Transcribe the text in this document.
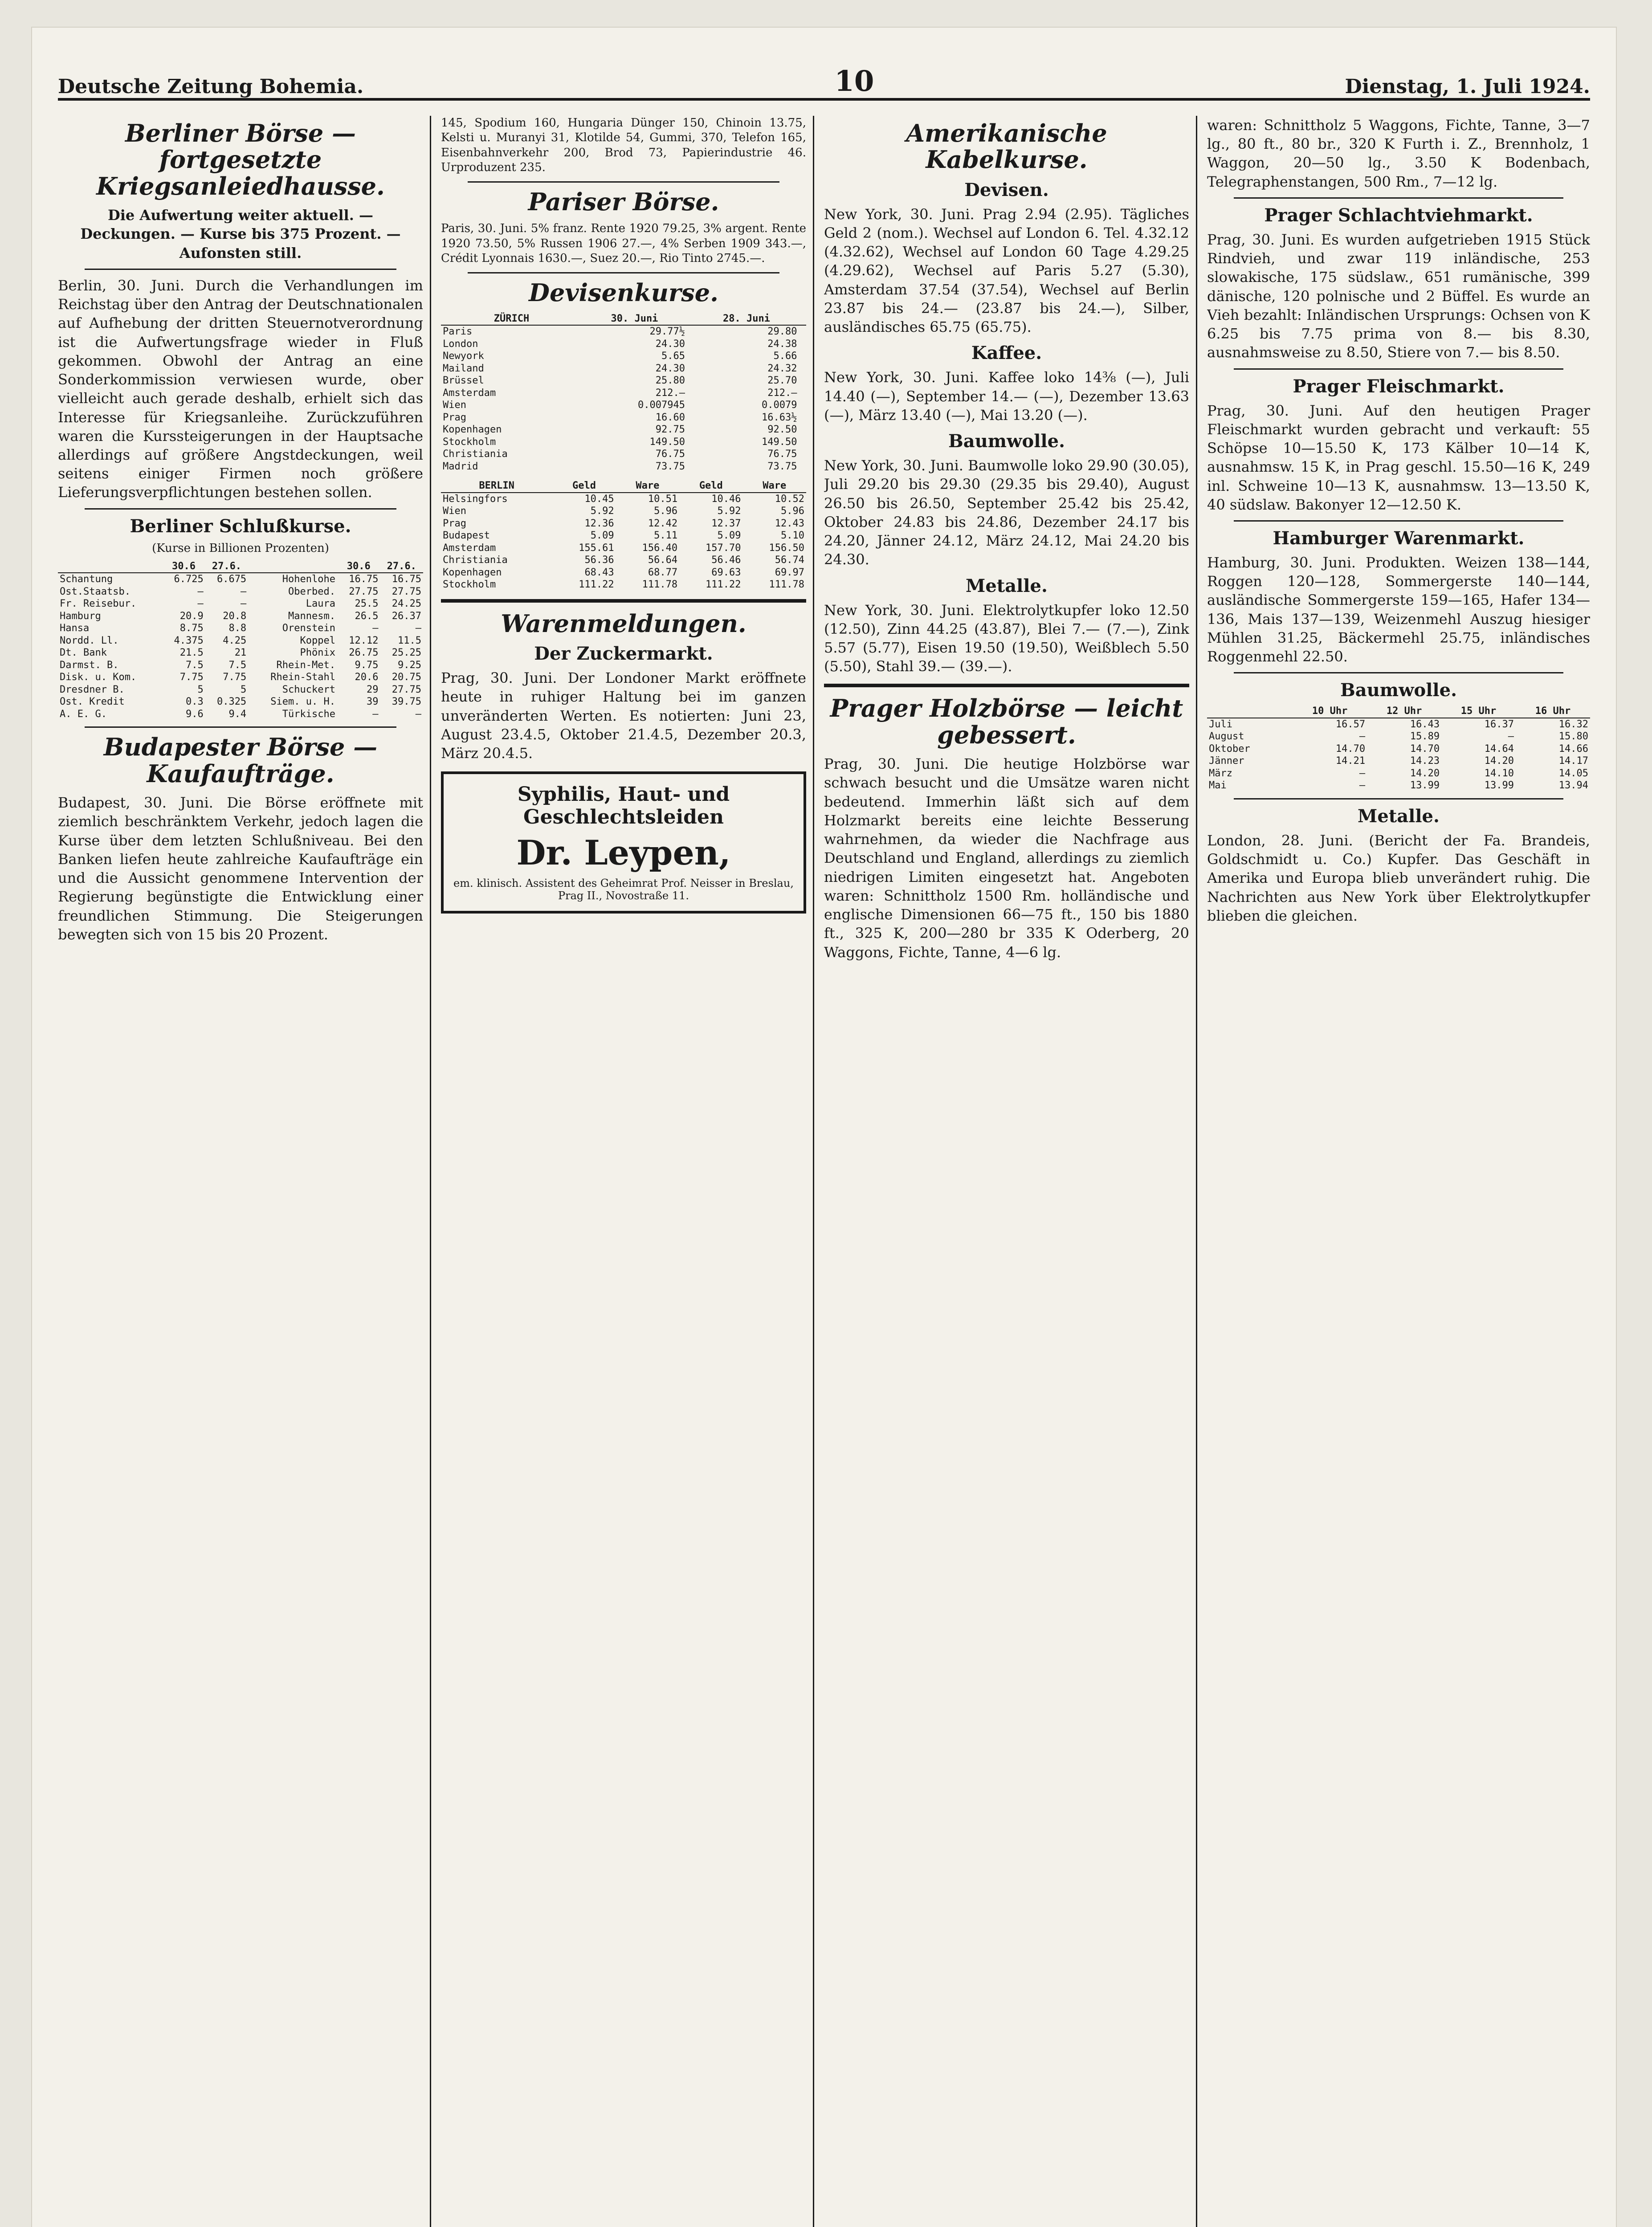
Deutsche Zeitung Bohemia.	10	Dienstag, 1. Juli 1924.
Berliner Börse — fortgesetzte Kriegsanleiedhausse.

Die Aufwertung weiter aktuell. — Deckungen. — Kurse bis 375 Prozent. — Aufonsten still.

Berlin, 30. Juni. Durch die Verhandlungen im Reichstag über den Antrag der Deutschnationalen auf Aufhebung der dritten Steuernotverordnung ist die Aufwertungsfrage wieder in Fluß gekommen. Obwohl der Antrag an eine Sonderkommission verwiesen wurde, ober vielleicht auch gerade deshalb, erhielt sich das Interesse für Kriegsanleihe. Zurückzuführen waren die Kurssteigerungen in der Hauptsache allerdings auf größere Angstdeckungen, weil seitens einiger Firmen noch größere Lieferungsverpflichtungen bestehen sollen.

Berliner Schlußkurse.

(Kurse in Billionen Prozenten)

	30.6	27.6.		30.6	27.6.
Schantung	6.725	6.675	Hohenlohe	16.75	16.75
Ost.Staatsb.	—	—	Oberbed.	27.75	27.75
Fr. Reisebur.	—	—	Laura	25.5	24.25
Hamburg	20.9	20.8	Mannesm.	26.5	26.37
Hansa	8.75	8.8	Orenstein	—	—
Nordd. Ll.	4.375	4.25	Koppel	12.12	11.5
Dt. Bank	21.5	21	Phönix	26.75	25.25
Darmst. B.	7.5	7.5	Rhein-Met.	9.75	9.25
Disk. u. Kom.	7.75	7.75	Rhein-Stahl	20.6	20.75
Dresdner B.	5	5	Schuckert	29	27.75
Ost. Kredit	0.3	0.325	Siem. u. H.	39	39.75
A. E. G.	9.6	9.4	Türkische	—	—
Budapester Börse — Kaufaufträge.

Budapest, 30. Juni. Die Börse eröffnete mit ziemlich beschränktem Verkehr, jedoch lagen die Kurse über dem letzten Schlußniveau. Bei den Banken liefen heute zahlreiche Kaufaufträge ein und die Aussicht genommene Intervention der Regierung begünstigte die Entwicklung einer freundlichen Stimmung. Die Steigerungen bewegten sich von 15 bis 20 Prozent.

145, Spodium 160, Hungaria Dünger 150, Chinoin 13.75, Kelsti u. Muranyi 31, Klotilde 54, Gummi, 370, Telefon 165, Eisenbahnverkehr 200, Brod 73, Papierindustrie 46. Urproduzent 235.

Pariser Börse.

Paris, 30. Juni. 5% franz. Rente 1920 79.25, 3% argent. Rente 1920 73.50, 5% Russen 1906 27.—, 4% Serben 1909 343.—, Crédit Lyonnais 1630.—, Suez 20.—, Rio Tinto 2745.—.

Devisenkurse.
ZÜRICH	30. Juni		28. Juni	
Paris	29.77½		29.80	
London	24.30		24.38	
Newyork	5.65		5.66	
Mailand	24.30		24.32	
Brüssel	25.80		25.70	
Amsterdam	212.—		212.—	
Wien	0.007945		0.0079	
Prag	16.60		16.63½	
Kopenhagen	92.75		92.50	
Stockholm	149.50		149.50	
Christiania	76.75		76.75	
Madrid	73.75		73.75	
BERLIN	Geld	Ware	Geld	Ware
Helsingfors	10.45	10.51	10.46	10.52
Wien	5.92	5.96	5.92	5.96
Prag	12.36	12.42	12.37	12.43
Budapest	5.09	5.11	5.09	5.10
Amsterdam	155.61	156.40	157.70	156.50
Christiania	56.36	56.64	56.46	56.74
Kopenhagen	68.43	68.77	69.63	69.97
Stockholm	111.22	111.78	111.22	111.78
Warenmeldungen.
Der Zuckermarkt.

Prag, 30. Juni. Der Londoner Markt eröffnete heute in ruhiger Haltung bei im ganzen unveränderten Werten. Es notierten: Juni 23, August 23.4.5, Oktober 21.4.5, Dezember 20.3, März 20.4.5.

Syphilis, Haut- und Geschlechtsleiden
Dr. Leypen,
em. klinisch. Assistent des Geheimrat Prof. Neisser in Breslau, Prag II., Novostraße 11.
Amerikanische Kabelkurse.
Devisen.

New York, 30. Juni. Prag 2.94 (2.95). Tägliches Geld 2 (nom.). Wechsel auf London 6. Tel. 4.32.12 (4.32.62), Wechsel auf London 60 Tage 4.29.25 (4.29.62), Wechsel auf Paris 5.27 (5.30), Amsterdam 37.54 (37.54), Wechsel auf Berlin 23.87 bis 24.— (23.87 bis 24.—), Silber, ausländisches 65.75 (65.75).

Kaffee.

New York, 30. Juni. Kaffee loko 14⅜ (—), Juli 14.40 (—), September 14.— (—), Dezember 13.63 (—), März 13.40 (—), Mai 13.20 (—).

Baumwolle.

New York, 30. Juni. Baumwolle loko 29.90 (30.05), Juli 29.20 bis 29.30 (29.35 bis 29.40), August 26.50 bis 26.50, September 25.42 bis 25.42, Oktober 24.83 bis 24.86, Dezember 24.17 bis 24.20, Jänner 24.12, März 24.12, Mai 24.20 bis 24.30.

Metalle.

New York, 30. Juni. Elektrolytkupfer loko 12.50 (12.50), Zinn 44.25 (43.87), Blei 7.— (7.—), Zink 5.57 (5.77), Eisen 19.50 (19.50), Weißblech 5.50 (5.50), Stahl 39.— (39.—).

Prager Holzbörse — leicht gebessert.

Prag, 30. Juni. Die heutige Holzbörse war schwach besucht und die Umsätze waren nicht bedeutend. Immerhin läßt sich auf dem Holzmarkt bereits eine leichte Besserung wahrnehmen, da wieder die Nachfrage aus Deutschland und England, allerdings zu ziemlich niedrigen Limiten eingesetzt hat. Angeboten waren: Schnittholz 1500 Rm. holländische und englische Dimensionen 66—75 ft., 150 bis 1880 ft., 325 K, 200—280 br 335 K Oderberg, 20 Waggons, Fichte, Tanne, 4—6 lg.

waren: Schnittholz 5 Waggons, Fichte, Tanne, 3—7 lg., 80 ft., 80 br., 320 K Furth i. Z., Brennholz, 1 Waggon, 20—50 lg., 3.50 K Bodenbach, Telegraphenstangen, 500 Rm., 7—12 lg.

Prager Schlachtviehmarkt.

Prag, 30. Juni. Es wurden aufgetrieben 1915 Stück Rindvieh, und zwar 119 inländische, 253 slowakische, 175 südslaw., 651 rumänische, 399 dänische, 120 polnische und 2 Büffel. Es wurde an Vieh bezahlt: Inländischen Ursprungs: Ochsen von K 6.25 bis 7.75 prima von 8.— bis 8.30, ausnahmsweise zu 8.50, Stiere von 7.— bis 8.50.

Prager Fleischmarkt.

Prag, 30. Juni. Auf den heutigen Prager Fleischmarkt wurden gebracht und verkauft: 55 Schöpse 10—15.50 K, 173 Kälber 10—14 K, ausnahmsw. 15 K, in Prag geschl. 15.50—16 K, 249 inl. Schweine 10—13 K, ausnahmsw. 13—13.50 K, 40 südslaw. Bakonyer 12—12.50 K.

Hamburger Warenmarkt.

Hamburg, 30. Juni. Produkten. Weizen 138—144, Roggen 120—128, Sommergerste 140—144, ausländische Sommergerste 159—165, Hafer 134—136, Mais 137—139, Weizenmehl Auszug hiesiger Mühlen 31.25, Bäckermehl 25.75, inländisches Roggenmehl 22.50.

Baumwolle.
	10 Uhr	12 Uhr	15 Uhr	16 Uhr
Juli	16.57	16.43	16.37	16.32
August	—	15.89	—	15.80
Oktober	14.70	14.70	14.64	14.66
Jänner	14.21	14.23	14.20	14.17
März	—	14.20	14.10	14.05
Mai	—	13.99	13.99	13.94
Metalle.

London, 28. Juni. (Bericht der Fa. Brandeis, Goldschmidt u. Co.) Kupfer. Das Geschäft in Amerika und Europa blieb unverändert ruhig. Die Nachrichten aus New York über Elektrolytkupfer blieben die gleichen.
